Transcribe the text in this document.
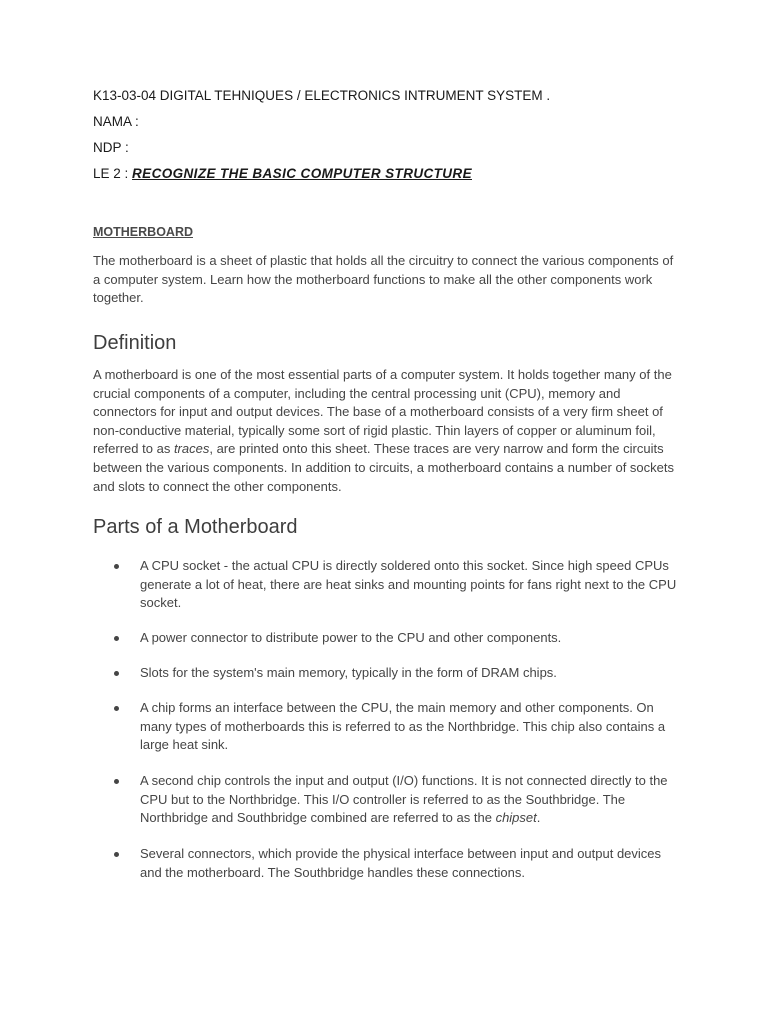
K13-03-04 DIGITAL TEHNIQUES / ELECTRONICS INTRUMENT SYSTEM .
NAMA :
NDP :
LE 2 : RECOGNIZE THE BASIC COMPUTER STRUCTURE
MOTHERBOARD

The motherboard is a sheet of plastic that holds all the circuitry to connect the various components of a computer system. Learn how the motherboard functions to make all the other components work together.

Definition

A motherboard is one of the most essential parts of a computer system. It holds together many of the crucial components of a computer, including the central processing unit (CPU), memory and connectors for input and output devices. The base of a motherboard consists of a very firm sheet of non-conductive material, typically some sort of rigid plastic. Thin layers of copper or aluminum foil, referred to as traces, are printed onto this sheet. These traces are very narrow and form the circuits between the various components. In addition to circuits, a motherboard contains a number of sockets and slots to connect the other components.

Parts of a Motherboard
A CPU socket - the actual CPU is directly soldered onto this socket. Since high speed CPUs generate a lot of heat, there are heat sinks and mounting points for fans right next to the CPU socket.
A power connector to distribute power to the CPU and other components.
Slots for the system's main memory, typically in the form of DRAM chips.
A chip forms an interface between the CPU, the main memory and other components. On many types of motherboards this is referred to as the Northbridge. This chip also contains a large heat sink.
A second chip controls the input and output (I/O) functions. It is not connected directly to the CPU but to the Northbridge. This I/O controller is referred to as the Southbridge. The Northbridge and Southbridge combined are referred to as the chipset.
Several connectors, which provide the physical interface between input and output devices and the motherboard. The Southbridge handles these connections.
